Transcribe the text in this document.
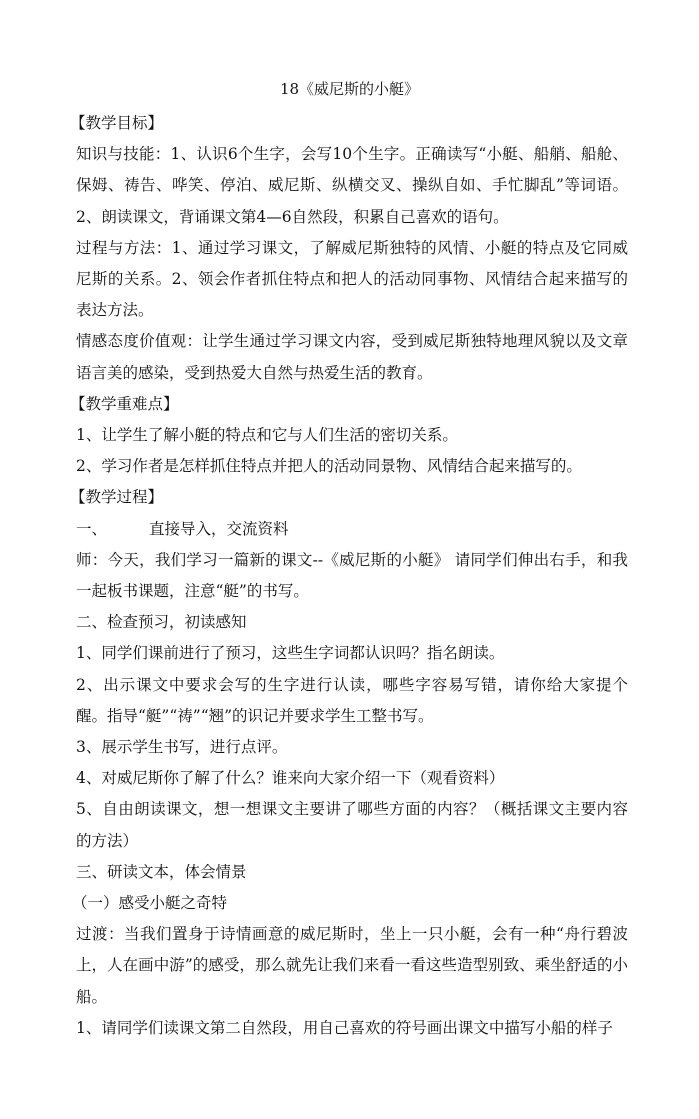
18《威尼斯的小艇》

【教学目标】

知识与技能：1、认识6个生字，会写10个生字。正确读写“小艇、船艄、船舱、保姆、祷告、哗笑、停泊、威尼斯、纵横交叉、操纵自如、手忙脚乱”等词语。2、朗读课文，背诵课文第4—6自然段，积累自己喜欢的语句。

过程与方法：1、通过学习课文，了解威尼斯独特的风情、小艇的特点及它同威尼斯的关系。2、领会作者抓住特点和把人的活动同事物、风情结合起来描写的表达方法。

情感态度价值观：让学生通过学习课文内容，受到威尼斯独特地理风貌以及文章语言美的感染，受到热爱大自然与热爱生活的教育。

【教学重难点】

1、让学生了解小艇的特点和它与人们生活的密切关系。

2、学习作者是怎样抓住特点并把人的活动同景物、风情结合起来描写的。

【教学过程】

一、	直接导入，交流资料

师：今天，我们学习一篇新的课文--《威尼斯的小艇》 请同学们伸出右手，和我一起板书课题，注意“艇”的书写。

二、检查预习，初读感知

1、同学们课前进行了预习，这些生字词都认识吗？指名朗读。

2、出示课文中要求会写的生字进行认读，哪些字容易写错，请你给大家提个醒。指导“艇”“祷”“翘”的识记并要求学生工整书写。

3、展示学生书写，进行点评。

4、对威尼斯你了解了什么？谁来向大家介绍一下（观看资料）

5、自由朗读课文，想一想课文主要讲了哪些方面的内容？（概括课文主要内容的方法）

三、研读文本，体会情景

（一）感受小艇之奇特

过渡：当我们置身于诗情画意的威尼斯时，坐上一只小艇，会有一种“舟行碧波上，人在画中游”的感受，那么就先让我们来看一看这些造型别致、乘坐舒适的小船。

1、请同学们读课文第二自然段，用自己喜欢的符号画出课文中描写小船的样子
